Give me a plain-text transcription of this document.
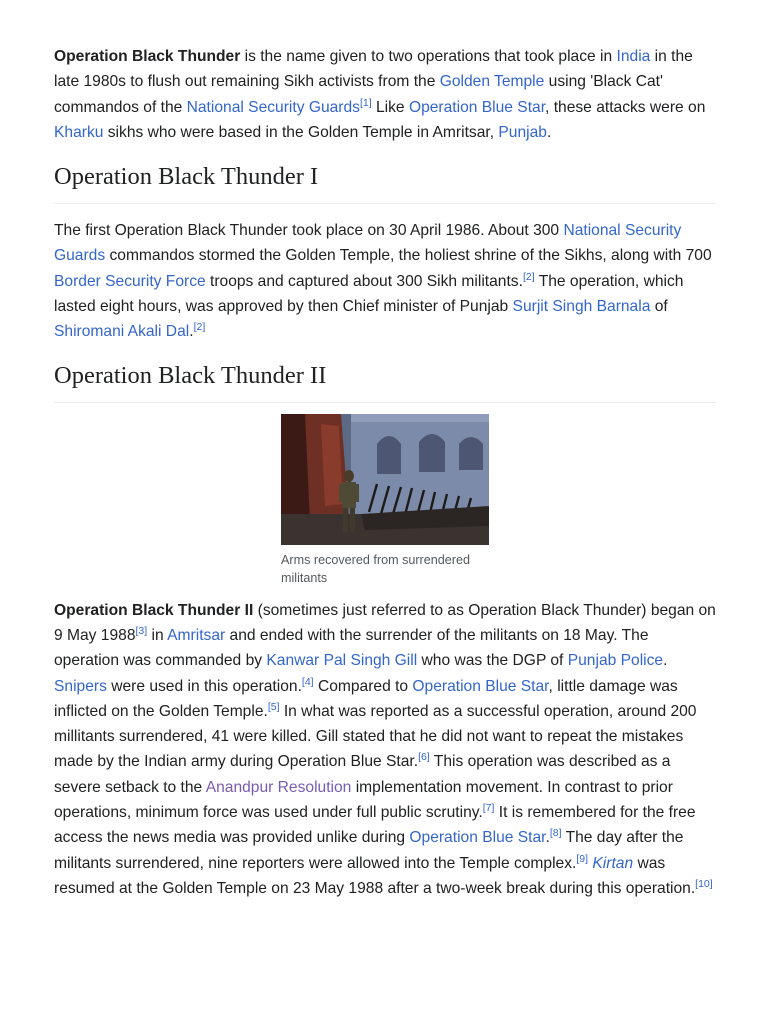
Operation Black Thunder is the name given to two operations that took place in India in the late 1980s to flush out remaining Sikh activists from the Golden Temple using 'Black Cat' commandos of the National Security Guards[1] Like Operation Blue Star, these attacks were on Kharku sikhs who were based in the Golden Temple in Amritsar, Punjab.

Operation Black Thunder I

The first Operation Black Thunder took place on 30 April 1986. About 300 National Security Guards commandos stormed the Golden Temple, the holiest shrine of the Sikhs, along with 700 Border Security Force troops and captured about 300 Sikh militants.[2] The operation, which lasted eight hours, was approved by then Chief minister of Punjab Surjit Singh Barnala of Shiromani Akali Dal.[2]

Operation Black Thunder II
Arms recovered from surrendered militants

Operation Black Thunder II (sometimes just referred to as Operation Black Thunder) began on 9 May 1988[3] in Amritsar and ended with the surrender of the militants on 18 May. The operation was commanded by Kanwar Pal Singh Gill who was the DGP of Punjab Police. Snipers were used in this operation.[4] Compared to Operation Blue Star, little damage was inflicted on the Golden Temple.[5] In what was reported as a successful operation, around 200 millitants surrendered, 41 were killed. Gill stated that he did not want to repeat the mistakes made by the Indian army during Operation Blue Star.[6] This operation was described as a severe setback to the Anandpur Resolution implementation movement. In contrast to prior operations, minimum force was used under full public scrutiny.[7] It is remembered for the free access the news media was provided unlike during Operation Blue Star.[8] The day after the militants surrendered, nine reporters were allowed into the Temple complex.[9] Kirtan was resumed at the Golden Temple on 23 May 1988 after a two-week break during this operation.[10]
